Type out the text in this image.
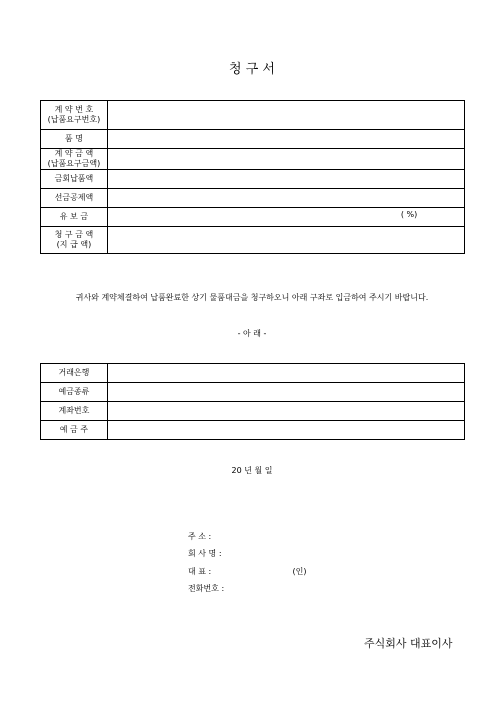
청 구 서
계 약 번 호
(납품요구번호)	

품 명	

계 약 금 액
(납품요구금액)	

금회납품액	
선금공제액	
유 보 금	( %)

청 구 금 액
(지 급 액)	

귀사와 계약체결하여 납품완료한 상기 물품대금을 청구하오니 아래 구좌로 입금하여 주시기 바랍니다.
- 아 래 -
거래은행	
예금종류	
계좌번호	
예 금 주	
20 년 월 일
주 소 :
회 사 명 :
대 표 :	(인)
전화번호 :
주식회사 대표이사
